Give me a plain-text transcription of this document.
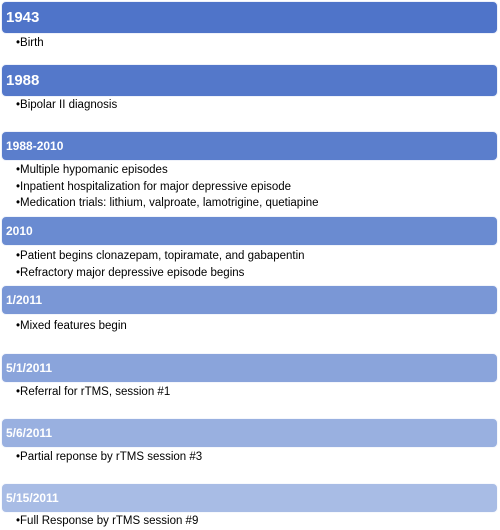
1943
•Birth
1988
•Bipolar II diagnosis
1988-2010
•Multiple hypomanic episodes
•Inpatient hospitalization for major depressive episode
•Medication trials: lithium, valproate, lamotrigine, quetiapine
2010
•Patient begins clonazepam, topiramate, and gabapentin
•Refractory major depressive episode begins
1/2011
•Mixed features begin
5/1/2011
•Referral for rTMS, session #1
5/6/2011
•Partial reponse by rTMS session #3
5/15/2011
•Full Response by rTMS session #9
